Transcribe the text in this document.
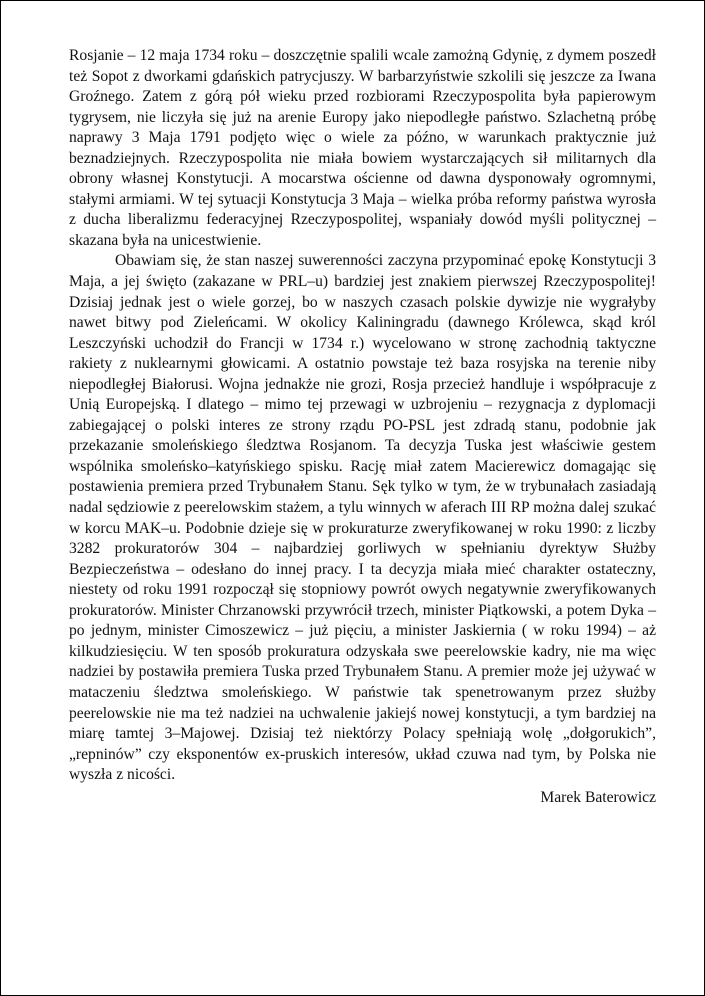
Rosjanie – 12 maja 1734 roku – doszczętnie spalili wcale zamożną Gdynię, z dymem poszedł też Sopot z dworkami gdańskich patrycjuszy. W barbarzyństwie szkolili się jeszcze za Iwana Groźnego. Zatem z górą pół wieku przed rozbiorami Rzeczypospolita była papierowym tygrysem, nie liczyła się już na arenie Europy jako niepodległe państwo. Szlachetną próbę naprawy 3 Maja 1791 podjęto więc o wiele za późno, w warunkach praktycznie już beznadziejnych. Rzeczypospolita nie miała bowiem wystarczających sił militarnych dla obrony własnej Konstytucji. A mocarstwa ościenne od dawna dysponowały ogromnymi, stałymi armiami. W tej sytuacji Konstytucja 3 Maja – wielka próba reformy państwa wyrosła z ducha liberalizmu federacyjnej Rzeczypospolitej, wspaniały dowód myśli politycznej – skazana była na unicestwienie.

Obawiam się, że stan naszej suwerenności zaczyna przypominać epokę Konstytucji 3 Maja, a jej święto (zakazane w PRL–u) bardziej jest znakiem pierwszej Rzeczypospolitej! Dzisiaj jednak jest o wiele gorzej, bo w naszych czasach polskie dywizje nie wygrałyby nawet bitwy pod Zieleńcami. W okolicy Kaliningradu (dawnego Królewca, skąd król Leszczyński uchodził do Francji w 1734 r.) wycelowano w stronę zachodnią taktyczne rakiety z nuklearnymi głowicami. A ostatnio powstaje też baza rosyjska na terenie niby niepodległej Białorusi. Wojna jednakże nie grozi, Rosja przecież handluje i współpracuje z Unią Europejską. I dlatego – mimo tej przewagi w uzbrojeniu – rezygnacja z dyplomacji zabiegającej o polski interes ze strony rządu PO-PSL jest zdradą stanu, podobnie jak przekazanie smoleńskiego śledztwa Rosjanom. Ta decyzja Tuska jest właściwie gestem wspólnika smoleńsko–katyńskiego spisku. Rację miał zatem Macierewicz domagając się postawienia premiera przed Trybunałem Stanu. Sęk tylko w tym, że w trybunałach zasiadają nadal sędziowie z peerelowskim stażem, a tylu winnych w aferach III RP można dalej szukać w korcu MAK–u. Podobnie dzieje się w prokuraturze zweryfikowanej w roku 1990: z liczby 3282 prokuratorów 304 – najbardziej gorliwych w spełnianiu dyrektyw Służby Bezpieczeństwa – odesłano do innej pracy. I ta decyzja miała mieć charakter ostateczny, niestety od roku 1991 rozpoczął się stopniowy powrót owych negatywnie zweryfikowanych prokuratorów. Minister Chrzanowski przywrócił trzech, minister Piątkowski, a potem Dyka – po jednym, minister Cimoszewicz – już pięciu, a minister Jaskiernia ( w roku 1994) – aż kilkudziesięciu. W ten sposób prokuratura odzyskała swe peerelowskie kadry, nie ma więc nadziei by postawiła premiera Tuska przed Trybunałem Stanu. A premier może jej używać w mataczeniu śledztwa smoleńskiego. W państwie tak spenetrowanym przez służby peerelowskie nie ma też nadziei na uchwalenie jakiejś nowej konstytucji, a tym bardziej na miarę tamtej 3–Majowej. Dzisiaj też niektórzy Polacy spełniają wolę „dołgorukich”, „repninów” czy eksponentów ex-pruskich interesów, układ czuwa nad tym, by Polska nie wyszła z nicości.

Marek Baterowicz
